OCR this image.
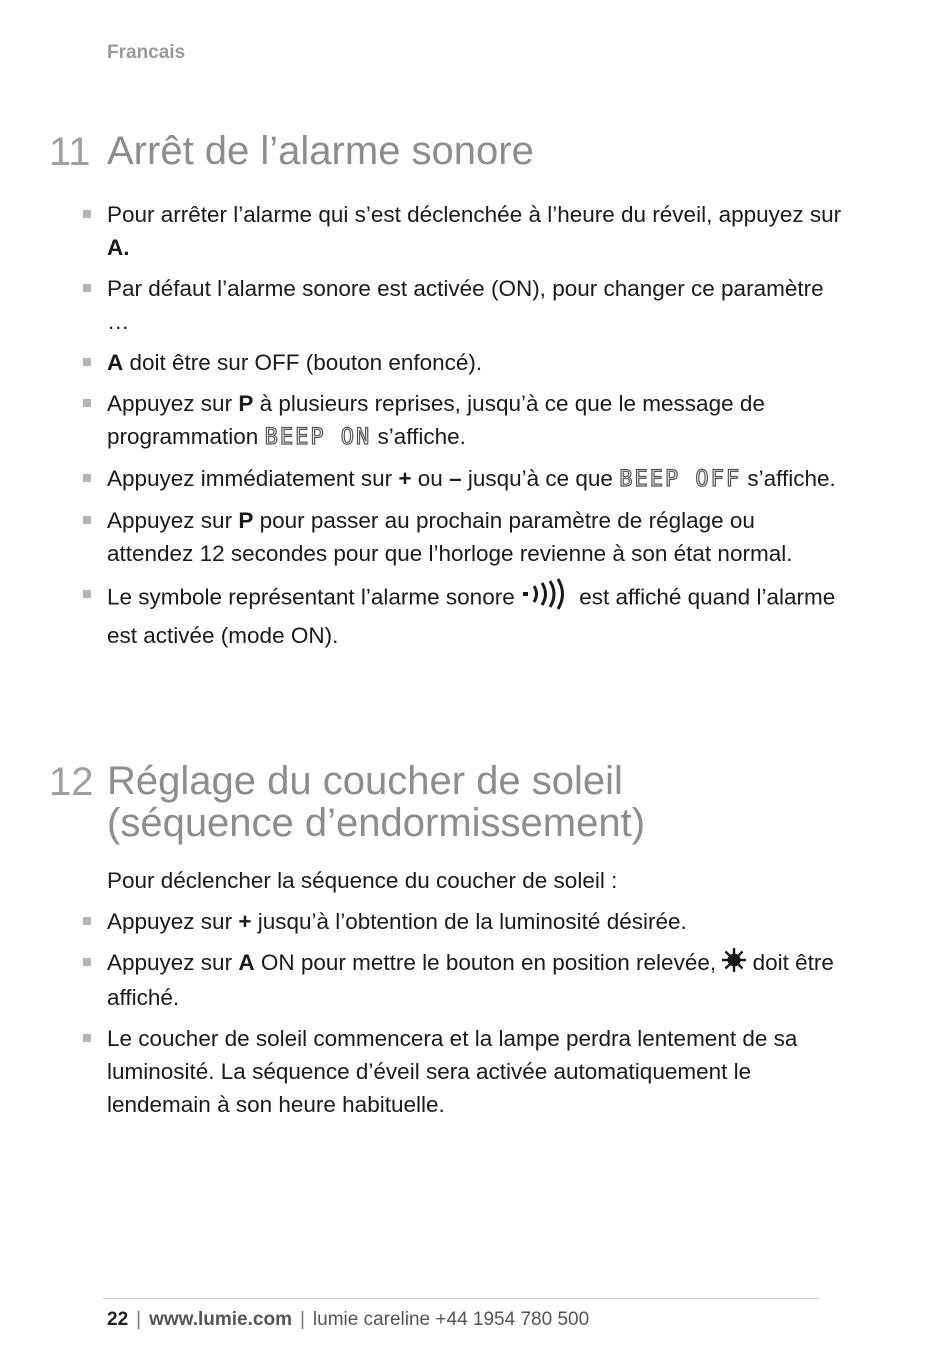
Francais
11 Arrêt de l’alarme sonore
Pour arrêter l’alarme qui s’est déclenchée à l’heure du réveil, appuyez sur A.
Par défaut l’alarme sonore est activée (ON), pour changer ce paramètre …
A doit être sur OFF (bouton enfoncé).
Appuyez sur P à plusieurs reprises, jusqu’à ce que le message de programmation BEEP ON s’affiche.
Appuyez immédiatement sur + ou – jusqu’à ce que BEEP OFF s’affiche.
Appuyez sur P pour passer au prochain paramètre de réglage ou attendez 12 secondes pour que l’horloge revienne à son état normal.
Le symbole représentant l’alarme sonore  est affiché quand l’alarme est activée (mode ON).
12 Réglage du coucher de soleil
(séquence d’endormissement)
Pour déclencher la séquence du coucher de soleil :
Appuyez sur + jusqu’à l’obtention de la luminosité désirée.
Appuyez sur A ON pour mettre le bouton en position relevée,  doit être affiché.
Le coucher de soleil commencera et la lampe perdra lentement de sa luminosité. La séquence d’éveil sera activée automatiquement le lendemain à son heure habituelle.
22 | www.lumie.com | lumie careline +44 1954 780 500
